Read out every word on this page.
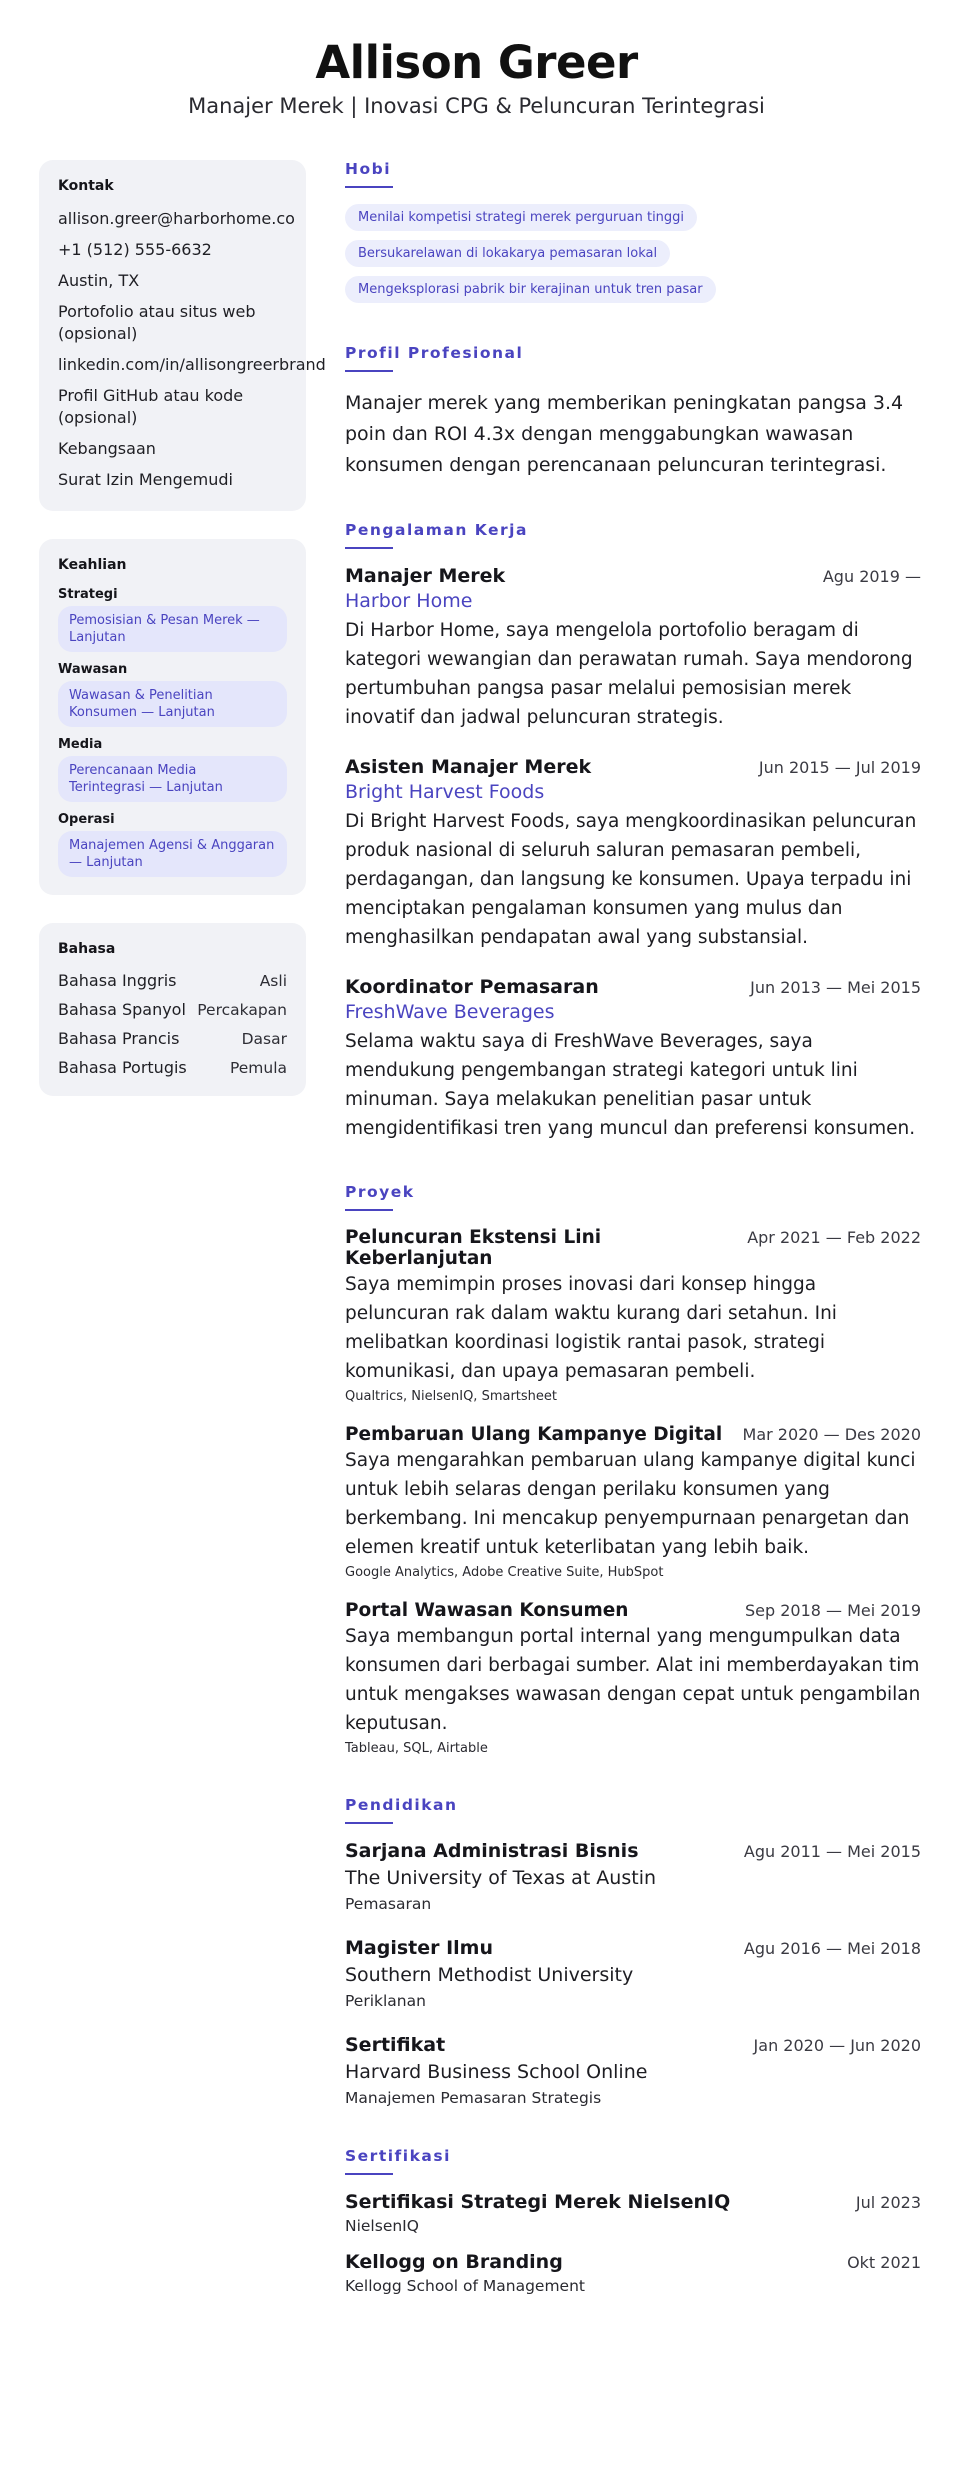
Allison Greer
Manajer Merek | Inovasi CPG & Peluncuran Terintegrasi
Kontak
allison.greer@harborhome.co
+1 (512) 555-6632
Austin, TX
Portofolio atau situs web (opsional)
linkedin.com/in/allisongreerbrand
Profil GitHub atau kode (opsional)
Kebangsaan
Surat Izin Mengemudi
Keahlian
Strategi
Pemosisian & Pesan Merek — Lanjutan
Wawasan
Wawasan & Penelitian Konsumen — Lanjutan
Media
Perencanaan Media Terintegrasi — Lanjutan
Operasi
Manajemen Agensi & Anggaran — Lanjutan
Bahasa
Bahasa Inggris	Asli
Bahasa Spanyol Percakapan
Bahasa Prancis	Dasar
Bahasa Portugis	Pemula
Hobi
Menilai kompetisi strategi merek perguruan tinggi
Bersukarelawan di lokakarya pemasaran lokal
Mengeksplorasi pabrik bir kerajinan untuk tren pasar
Profil Profesional

Manajer merek yang memberikan peningkatan pangsa 3.4 poin dan ROI 4.3x dengan menggabungkan wawasan konsumen dengan perencanaan peluncuran terintegrasi.

Pengalaman Kerja
Manajer Merek	Agu 2019 —
Harbor Home

Di Harbor Home, saya mengelola portofolio beragam di kategori wewangian dan perawatan rumah. Saya mendorong pertumbuhan pangsa pasar melalui pemosisian merek inovatif dan jadwal peluncuran strategis.

Asisten Manajer Merek	Jun 2015 — Jul 2019
Bright Harvest Foods

Di Bright Harvest Foods, saya mengkoordinasikan peluncuran produk nasional di seluruh saluran pemasaran pembeli, perdagangan, dan langsung ke konsumen. Upaya terpadu ini menciptakan pengalaman konsumen yang mulus dan menghasilkan pendapatan awal yang substansial.

Koordinator Pemasaran	Jun 2013 — Mei 2015
FreshWave Beverages

Selama waktu saya di FreshWave Beverages, saya mendukung pengembangan strategi kategori untuk lini minuman. Saya melakukan penelitian pasar untuk mengidentifikasi tren yang muncul dan preferensi konsumen.

Proyek
Peluncuran Ekstensi Lini Keberlanjutan
Apr 2021 — Feb 2022

Saya memimpin proses inovasi dari konsep hingga peluncuran rak dalam waktu kurang dari setahun. Ini melibatkan koordinasi logistik rantai pasok, strategi komunikasi, dan upaya pemasaran pembeli.

Qualtrics, NielsenIQ, Smartsheet
Pembaruan Ulang Kampanye Digital Mar 2020 — Des 2020

Saya mengarahkan pembaruan ulang kampanye digital kunci untuk lebih selaras dengan perilaku konsumen yang berkembang. Ini mencakup penyempurnaan penargetan dan elemen kreatif untuk keterlibatan yang lebih baik.

Google Analytics, Adobe Creative Suite, HubSpot
Portal Wawasan Konsumen	Sep 2018 — Mei 2019

Saya membangun portal internal yang mengumpulkan data konsumen dari berbagai sumber. Alat ini memberdayakan tim untuk mengakses wawasan dengan cepat untuk pengambilan keputusan.

Tableau, SQL, Airtable
Pendidikan
Sarjana Administrasi Bisnis	Agu 2011 — Mei 2015
The University of Texas at Austin
Pemasaran
Magister Ilmu	Agu 2016 — Mei 2018
Southern Methodist University
Periklanan
Sertifikat	Jan 2020 — Jun 2020
Harvard Business School Online
Manajemen Pemasaran Strategis
Sertifikasi
Sertifikasi Strategi Merek NielsenIQ	Jul 2023
NielsenIQ
Kellogg on Branding	Okt 2021
Kellogg School of Management
